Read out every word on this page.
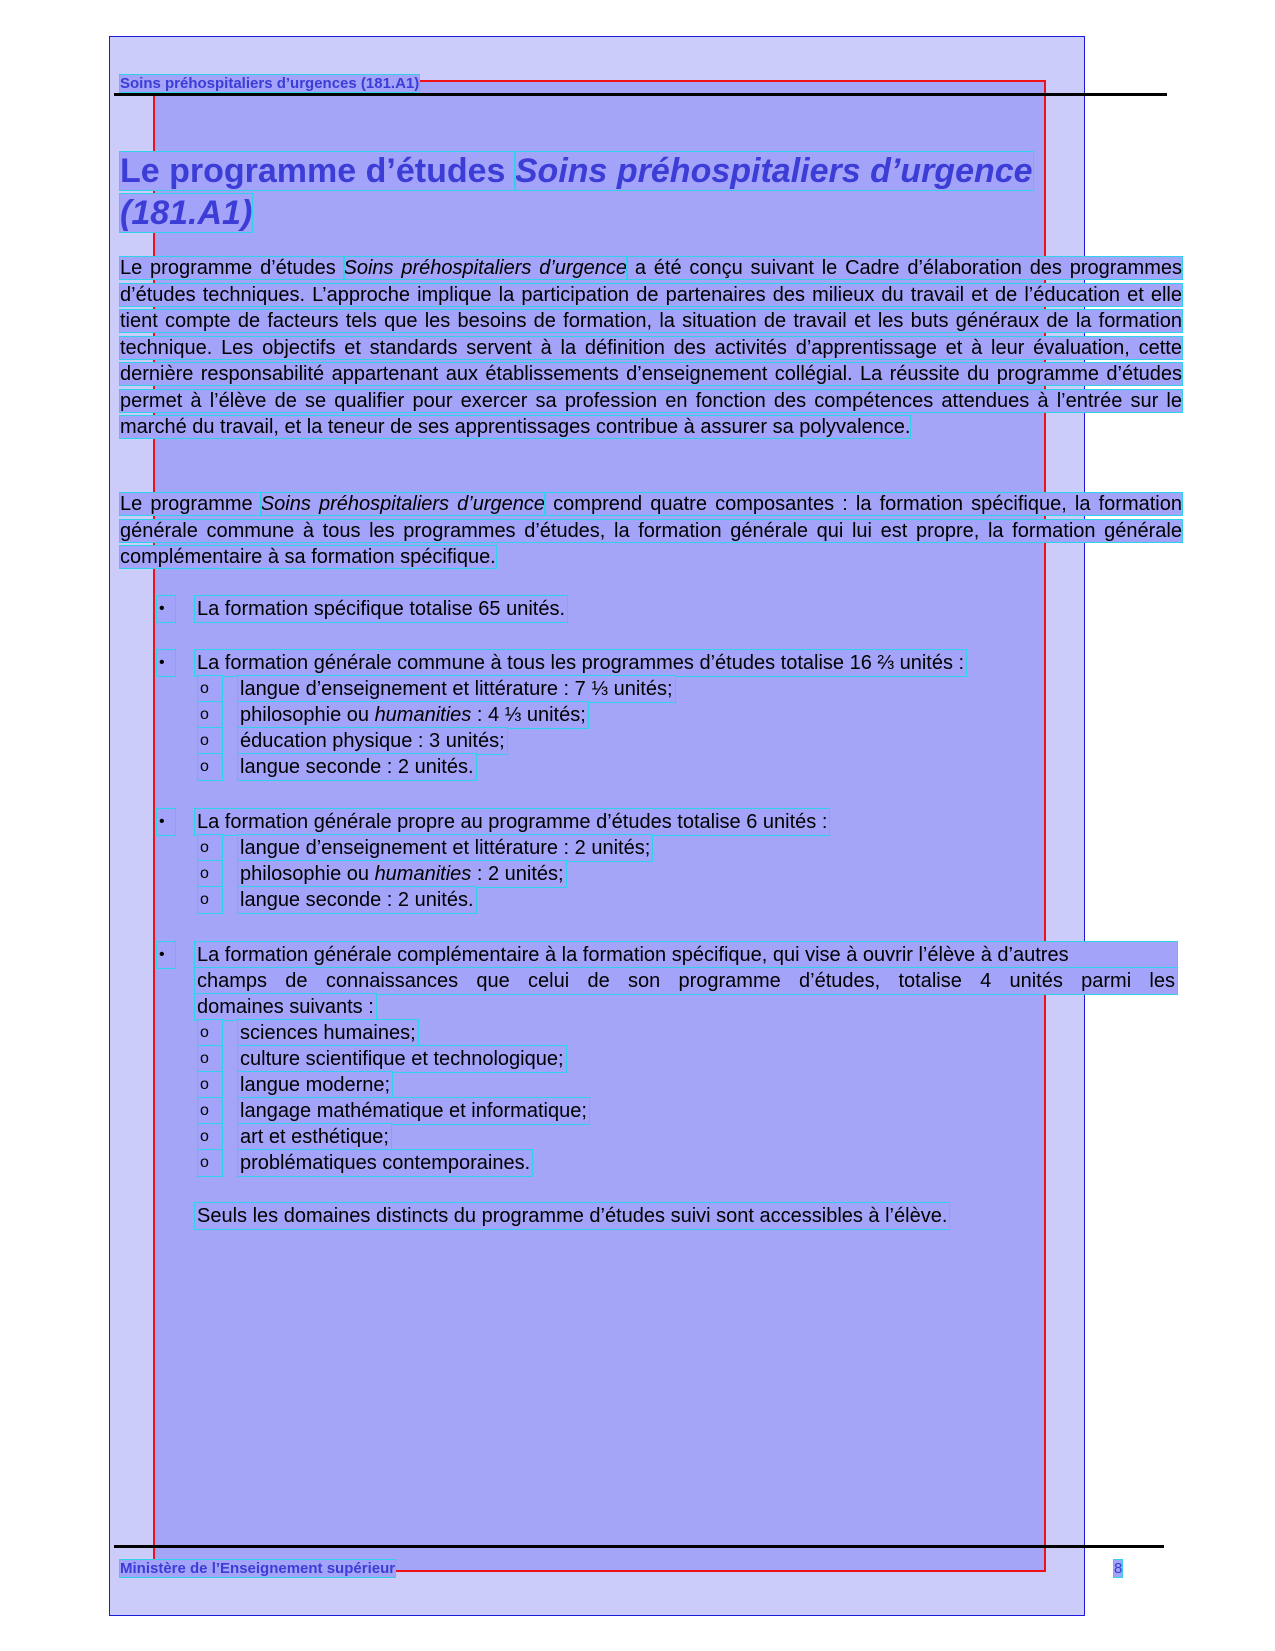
Soins préhospitaliers d’urgences (181.A1)
Le programme d’études Soins préhospitaliers d’urgence
(181.A1)
Le programme d’études Soins préhospitaliers d’urgence a été conçu suivant le Cadre d’élaboration des programmes d’études techniques. L’approche implique la participation de partenaires des milieux du travail et de l’éducation et elle tient compte de facteurs tels que les besoins de formation, la situation de travail et les buts généraux de la formation technique. Les objectifs et standards servent à la définition des activités d’apprentissage et à leur évaluation, cette dernière responsabilité appartenant aux établissements d’enseignement collégial. La réussite du programme d’études permet à l’élève de se qualifier pour exercer sa profession en fonction des compétences attendues à l’entrée sur le marché du travail, et la teneur de ses apprentissages contribue à assurer sa polyvalence.
Le programme Soins préhospitaliers d’urgence comprend quatre composantes : la formation spécifique, la formation générale commune à tous les programmes d’études, la formation générale qui lui est propre, la formation générale complémentaire à sa formation spécifique.
•	La formation spécifique totalise 65 unités.
•	La formation générale commune à tous les programmes d’études totalise 16 ⅔ unités :
o	langue d’enseignement et littérature : 7 ⅓ unités;
o	philosophie ou humanities : 4 ⅓ unités;
o	éducation physique : 3 unités;
o	langue seconde : 2 unités.
•	La formation générale propre au programme d’études totalise 6 unités :
o	langue d’enseignement et littérature : 2 unités;
o	philosophie ou humanities : 2 unités;
o	langue seconde : 2 unités.
•	La formation générale complémentaire à la formation spécifique, qui vise à ouvrir l’élève à d’autres
champs de connaissances que celui de son programme d’études, totalise 4 unités parmi les
domaines suivants :
o	sciences humaines;
o	culture scientifique et technologique;
o	langue moderne;
o	langage mathématique et informatique;
o	art et esthétique;
o	problématiques contemporaines.
Seuls les domaines distincts du programme d’études suivi sont accessibles à l’élève.
Ministère de l’Enseignement supérieur	8
